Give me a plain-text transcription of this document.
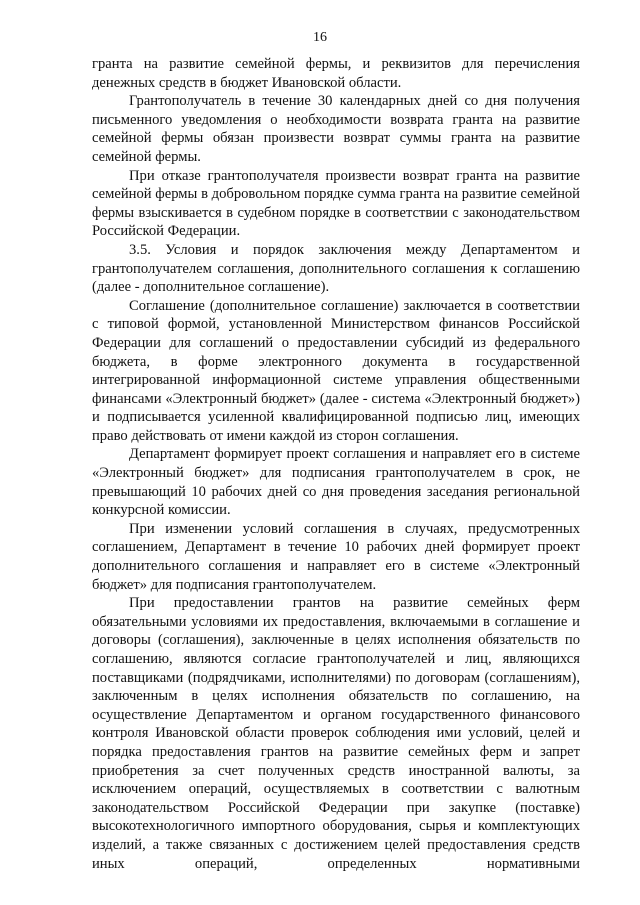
16

гранта на развитие семейной фермы, и реквизитов для перечисления денежных средств в бюджет Ивановской области.

Грантополучатель в течение 30 календарных дней со дня получения письменного уведомления о необходимости возврата гранта на развитие семейной фермы обязан произвести возврат суммы гранта на развитие семейной фермы.

При отказе грантополучателя произвести возврат гранта на развитие семейной фермы в добровольном порядке сумма гранта на развитие семейной фермы взыскивается в судебном порядке в соответствии с законодательством Российской Федерации.

3.5. Условия и порядок заключения между Департаментом и грантополучателем соглашения, дополнительного соглашения к соглашению (далее - дополнительное соглашение).

Соглашение (дополнительное соглашение) заключается в соответствии с типовой формой, установленной Министерством финансов Российской Федерации для соглашений о предоставлении субсидий из федерального бюджета, в форме электронного документа в государственной интегрированной информационной системе управления общественными финансами «Электронный бюджет» (далее - система «Электронный бюджет») и подписывается усиленной квалифицированной подписью лиц, имеющих право действовать от имени каждой из сторон соглашения.

Департамент формирует проект соглашения и направляет его в системе «Электронный бюджет» для подписания грантополучателем в срок, не превышающий 10 рабочих дней со дня проведения заседания региональной конкурсной комиссии.

При изменении условий соглашения в случаях, предусмотренных соглашением, Департамент в течение 10 рабочих дней формирует проект дополнительного соглашения и направляет его в системе «Электронный бюджет» для подписания грантополучателем.

При предоставлении грантов на развитие семейных ферм обязательными условиями их предоставления, включаемыми в соглашение и договоры (соглашения), заключенные в целях исполнения обязательств по соглашению, являются согласие грантополучателей и лиц, являющихся поставщиками (подрядчиками, исполнителями) по договорам (соглашениям), заключенным в целях исполнения обязательств по соглашению, на осуществление Департаментом и органом государственного финансового контроля Ивановской области проверок соблюдения ими условий, целей и порядка предоставления грантов на развитие семейных ферм и запрет приобретения за счет полученных средств иностранной валюты, за исключением операций, осуществляемых в соответствии с валютным законодательством Российской Федерации при закупке (поставке) высокотехнологичного импортного оборудования, сырья и комплектующих изделий, а также связанных с достижением целей предоставления средств иных операций, определенных нормативными
